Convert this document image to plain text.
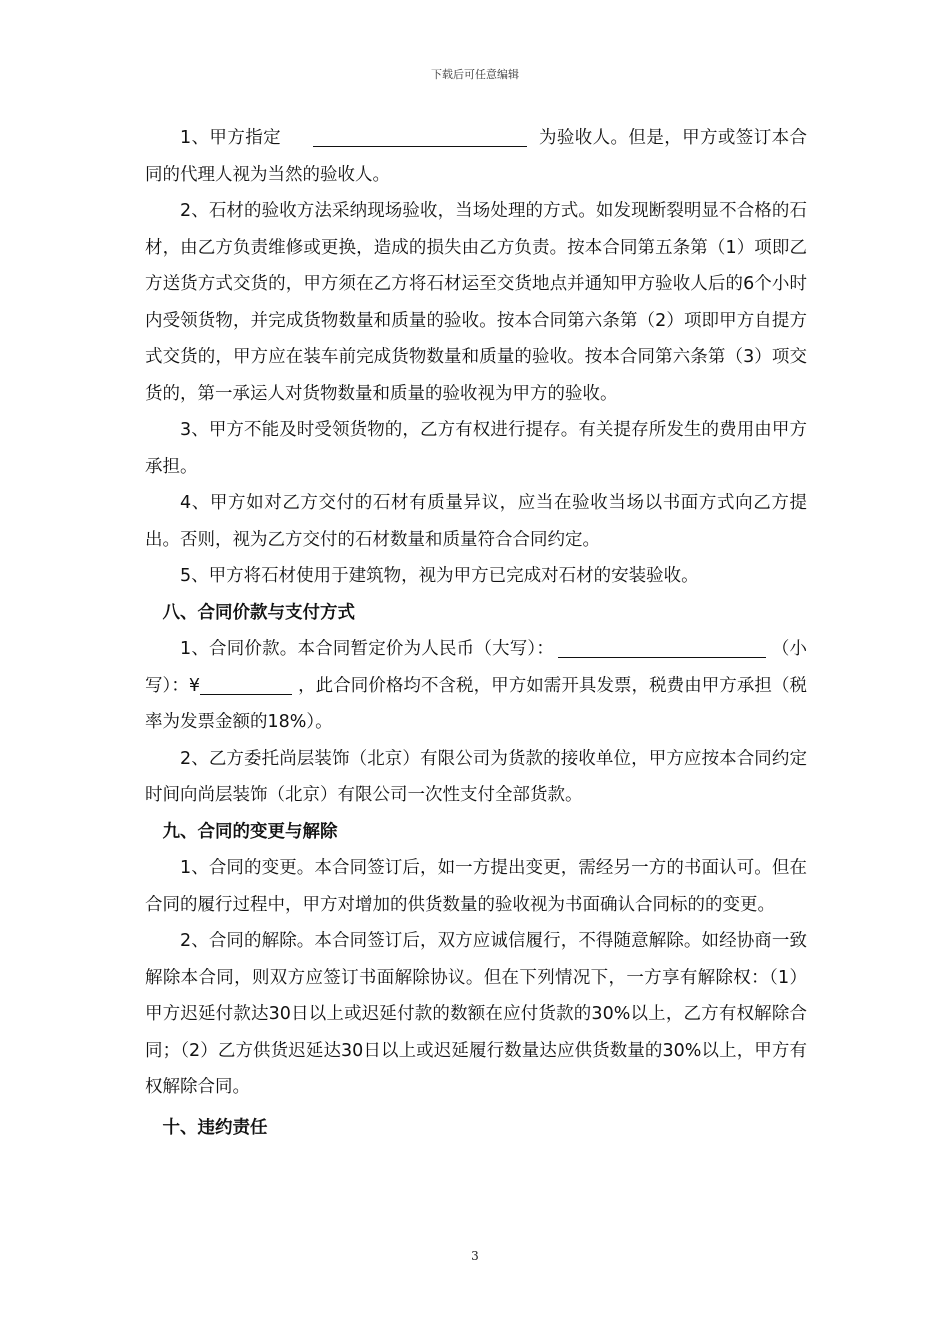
下载后可任意编辑

1、甲方指定	为验收人。但是，甲方或签订本合同的代理人视为当然的验收人。

2、石材的验收方法采纳现场验收，当场处理的方式。如发现断裂明显不合格的石材，由乙方负责维修或更换，造成的损失由乙方负责。按本合同第五条第（1）项即乙方送货方式交货的，甲方须在乙方将石材运至交货地点并通知甲方验收人后的6个小时内受领货物，并完成货物数量和质量的验收。按本合同第六条第（2）项即甲方自提方式交货的，甲方应在装车前完成货物数量和质量的验收。按本合同第六条第（3）项交货的，第一承运人对货物数量和质量的验收视为甲方的验收。

3、甲方不能及时受领货物的，乙方有权进行提存。有关提存所发生的费用由甲方承担。

4、甲方如对乙方交付的石材有质量异议，应当在验收当场以书面方式向乙方提出。否则，视为乙方交付的石材数量和质量符合合同约定。

5、甲方将石材使用于建筑物，视为甲方已完成对石材的安装验收。

八、合同价款与支付方式

1、合同价款。本合同暂定价为人民币（大写）：	（小写）：¥	，此合同价格均不含税，甲方如需开具发票，税费由甲方承担（税率为发票金额的18%）。

2、乙方委托尚层装饰（北京）有限公司为货款的接收单位，甲方应按本合同约定时间向尚层装饰（北京）有限公司一次性支付全部货款。

九、合同的变更与解除

1、合同的变更。本合同签订后，如一方提出变更，需经另一方的书面认可。但在合同的履行过程中，甲方对增加的供货数量的验收视为书面确认合同标的的变更。

2、合同的解除。本合同签订后，双方应诚信履行，不得随意解除。如经协商一致解除本合同，则双方应签订书面解除协议。但在下列情况下，一方享有解除权：（1）甲方迟延付款达30日以上或迟延付款的数额在应付货款的30%以上，乙方有权解除合同；（2）乙方供货迟延达30日以上或迟延履行数量达应供货数量的30%以上，甲方有权解除合同。

十、违约责任

3
